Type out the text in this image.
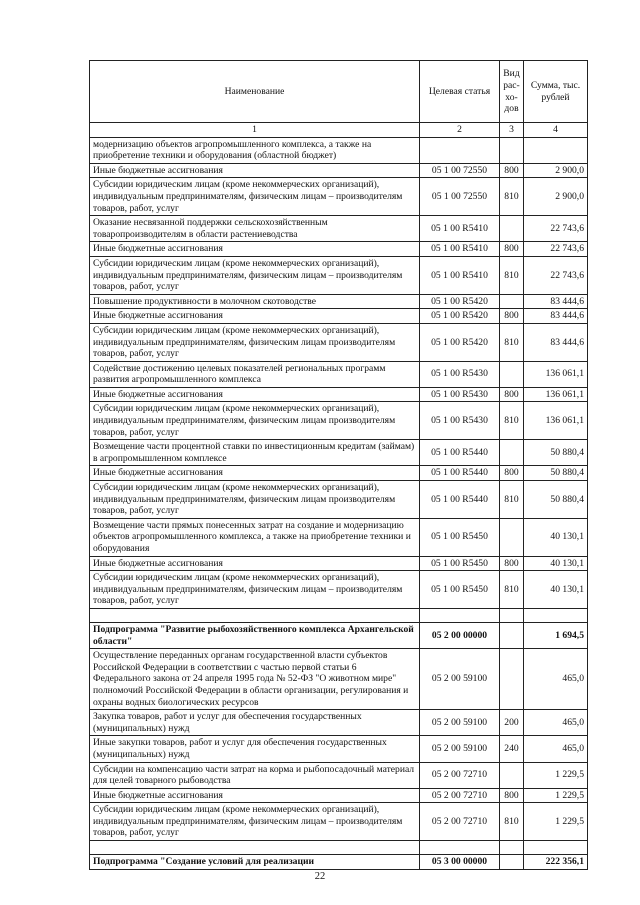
Наименование	Целевая статья	Вид рас- хо- дов	Сумма, тыс. рублей
1	2	3	4
модернизацию объектов агропромышленного комплекса, а также на приобретение техники и оборудования (областной бюджет)			
Иные бюджетные ассигнования	05 1 00 72550	800	2 900,0
Субсидии юридическим лицам (кроме некоммерческих организаций), индивидуальным предпринимателям, физическим лицам – производителям товаров, работ, услуг	05 1 00 72550	810	2 900,0
Оказание несвязанной поддержки сельскохозяйственным товаропроизводителям в области растениеводства	05 1 00 R5410		22 743,6
Иные бюджетные ассигнования	05 1 00 R5410	800	22 743,6
Субсидии юридическим лицам (кроме некоммерческих организаций), индивидуальным предпринимателям, физическим лицам – производителям товаров, работ, услуг	05 1 00 R5410	810	22 743,6
Повышение продуктивности в молочном скотоводстве	05 1 00 R5420		83 444,6
Иные бюджетные ассигнования	05 1 00 R5420	800	83 444,6
Субсидии юридическим лицам (кроме некоммерческих организаций), индивидуальным предпринимателям, физическим лицам производителям товаров, работ, услуг	05 1 00 R5420	810	83 444,6
Содействие достижению целевых показателей региональных программ развития агропромышленного комплекса	05 1 00 R5430		136 061,1
Иные бюджетные ассигнования	05 1 00 R5430	800	136 061,1
Субсидии юридическим лицам (кроме некоммерческих организаций), индивидуальным предпринимателям, физическим лицам производителям товаров, работ, услуг	05 1 00 R5430	810	136 061,1
Возмещение части процентной ставки по инвестиционным кредитам (займам) в агропромышленном комплексе	05 1 00 R5440		50 880,4
Иные бюджетные ассигнования	05 1 00 R5440	800	50 880,4
Субсидии юридическим лицам (кроме некоммерческих организаций), индивидуальным предпринимателям, физическим лицам производителям товаров, работ, услуг	05 1 00 R5440	810	50 880,4
Возмещение части прямых понесенных затрат на создание и модернизацию объектов агропромышленного комплекса, а также на приобретение техники и оборудования	05 1 00 R5450		40 130,1
Иные бюджетные ассигнования	05 1 00 R5450	800	40 130,1
Субсидии юридическим лицам (кроме некоммерческих организаций), индивидуальным предпринимателям, физическим лицам – производителям товаров, работ, услуг	05 1 00 R5450	810	40 130,1

Подпрограмма "Развитие рыбохозяйственного комплекса Архангельской области"	05 2 00 00000		1 694,5
Осуществление переданных органам государственной власти субъектов Российской Федерации в соответствии с частью первой статьи 6 Федерального закона от 24 апреля 1995 года № 52-ФЗ "О животном мире" полномочий Российской Федерации в области организации, регулирования и охраны водных биологических ресурсов	05 2 00 59100		465,0
Закупка товаров, работ и услуг для обеспечения государственных (муниципальных) нужд	05 2 00 59100	200	465,0
Иные закупки товаров, работ и услуг для обеспечения государственных (муниципальных) нужд	05 2 00 59100	240	465,0
Субсидии на компенсацию части затрат на корма и рыбопосадочный материал для целей товарного рыбоводства	05 2 00 72710		1 229,5
Иные бюджетные ассигнования	05 2 00 72710	800	1 229,5
Субсидии юридическим лицам (кроме некоммерческих организаций), индивидуальным предпринимателям, физическим лицам – производителям товаров, работ, услуг	05 2 00 72710	810	1 229,5

Подпрограмма "Создание условий для реализации	05 3 00 00000		222 356,1
22
